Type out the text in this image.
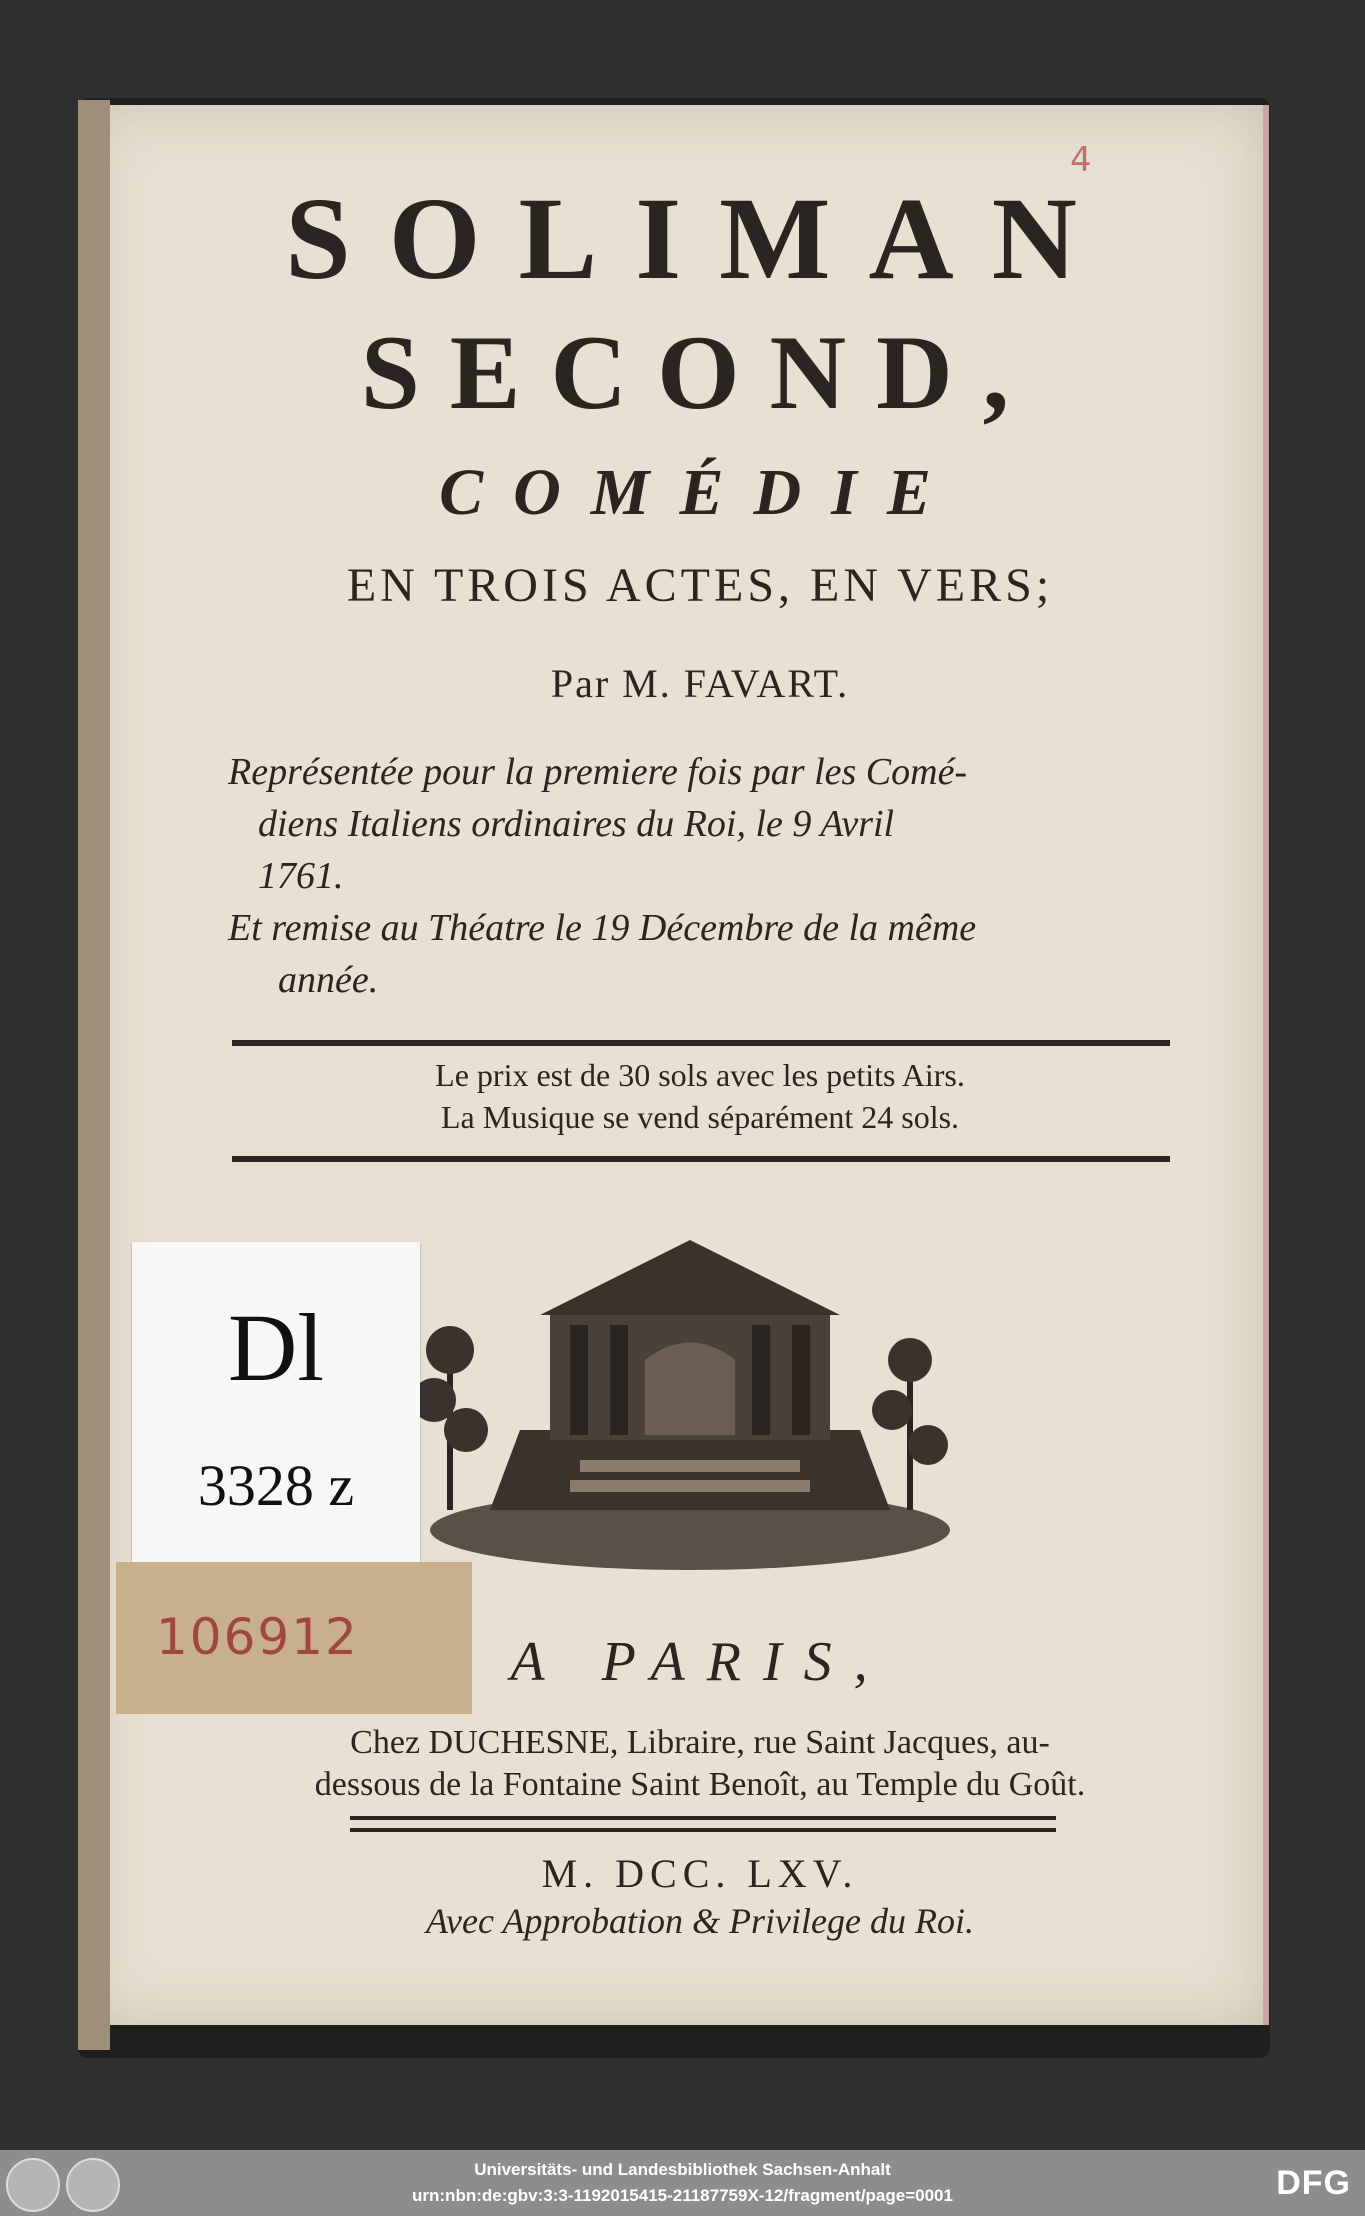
4
SOLIMAN
SECOND,
COMÉDIE
EN TROIS ACTES, EN VERS;
Par M. FAVART.

Représentée pour la premiere fois par les Comé-

diens Italiens ordinaires du Roi, le 9 Avril

1761.

Et remise au Théatre le 19 Décembre de la même

année.

Le prix est de 30 sols avec les petits Airs.
La Musique se vend séparément 24 sols.
Dl
3328 z
106912	A PARIS,
Chez DUCHESNE, Libraire, rue Saint Jacques, au-
dessous de la Fontaine Saint Benoît, au Temple du Goût.
M. DCC. LXV.
Avec Approbation & Privilege du Roi.
Universitäts- und Landesbibliothek Sachsen-Anhalt
urn:nbn:de:gbv:3:3-1192015415-21187759X-12/fragment/page=0001	DFG
